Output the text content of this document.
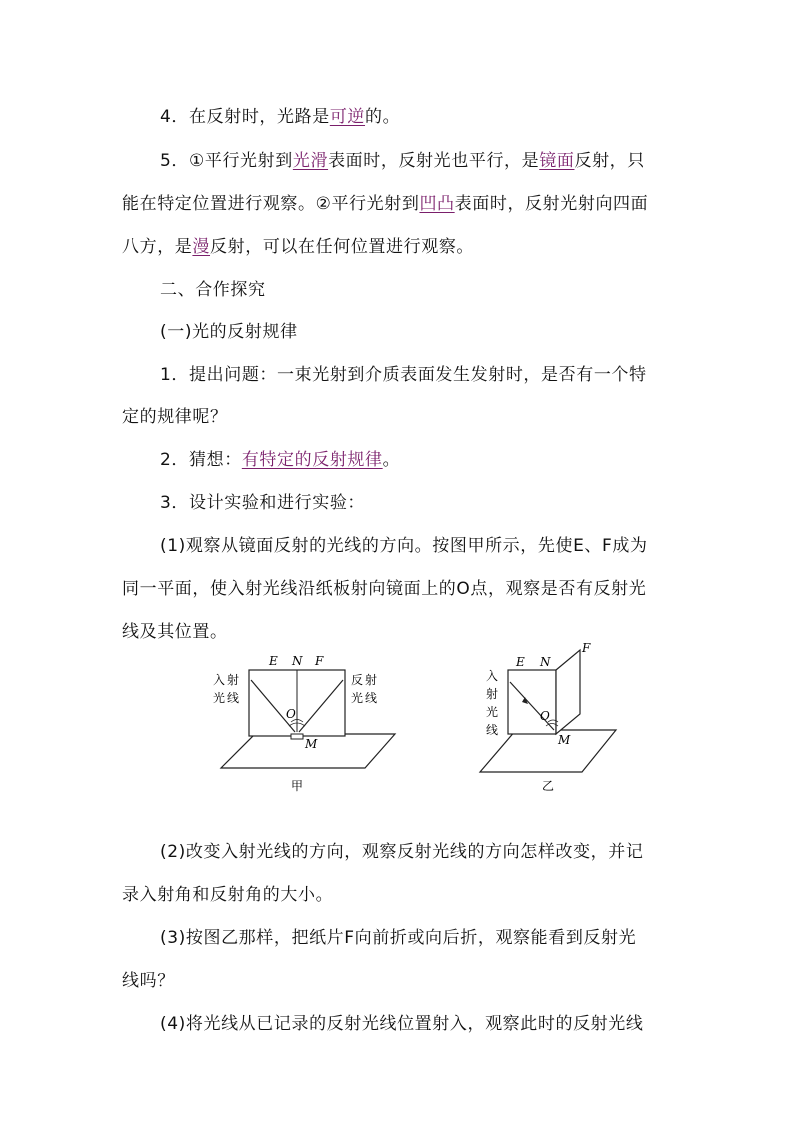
4．在反射时，光路是可逆的。
5．①平行光射到光滑表面时，反射光也平行，是镜面反射，只
能在特定位置进行观察。②平行光射到凹凸表面时，反射光射向四面
八方，是漫反射，可以在任何位置进行观察。
二、合作探究
(一)光的反射规律
1．提出问题：一束光射到介质表面发生发射时，是否有一个特
定的规律呢？
2．猜想：有特定的反射规律。
3．设计实验和进行实验：
(1)观察从镜面反射的光线的方向。按图甲所示，先使E、F成为
同一平面，使入射光线沿纸板射向镜面上的O点，观察是否有反射光
线及其位置。
E N F
O
M
入 射
光 线
反 射
光 线
甲
E N
F
O
M
入
射
光
线
乙
(2)改变入射光线的方向，观察反射光线的方向怎样改变，并记
录入射角和反射角的大小。
(3)按图乙那样，把纸片F向前折或向后折，观察能看到反射光
线吗？
(4)将光线从已记录的反射光线位置射入，观察此时的反射光线
